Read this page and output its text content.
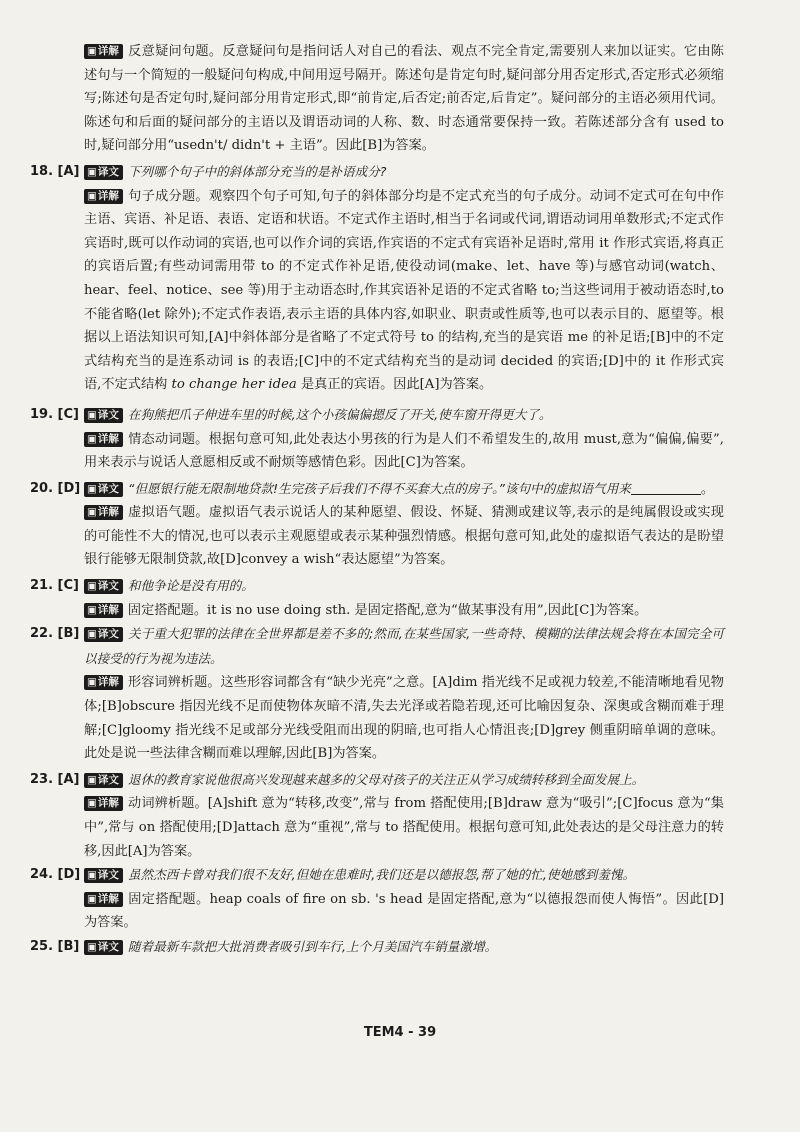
▣详解 反意疑问句题。反意疑问句是指问话人对自己的看法、观点不完全肯定,需要别人来加以证实。它由陈述句与一个简短的一般疑问句构成,中间用逗号隔开。陈述句是肯定句时,疑问部分用否定形式,否定形式必须缩写;陈述句是否定句时,疑问部分用肯定形式,即“前肯定,后否定;前否定,后肯定”。疑问部分的主语必须用代词。陈述句和后面的疑问部分的主语以及谓语动词的人称、数、时态通常要保持一致。若陈述部分含有 used to 时,疑问部分用“usedn't/ didn't + 主语”。因此[B]为答案。
18. [A] ▣译文 下列哪个句子中的斜体部分充当的是补语成分?
▣详解 句子成分题。观察四个句子可知,句子的斜体部分均是不定式充当的句子成分。动词不定式可在句中作主语、宾语、补足语、表语、定语和状语。不定式作主语时,相当于名词或代词,谓语动词用单数形式;不定式作宾语时,既可以作动词的宾语,也可以作介词的宾语,作宾语的不定式有宾语补足语时,常用 it 作形式宾语,将真正的宾语后置;有些动词需用带 to 的不定式作补足语,使役动词(make、let、have 等)与感官动词(watch、hear、feel、notice、see 等)用于主动语态时,作其宾语补足语的不定式省略 to;当这些词用于被动语态时,to 不能省略(let 除外);不定式作表语,表示主语的具体内容,如职业、职责或性质等,也可以表示目的、愿望等。根据以上语法知识可知,[A]中斜体部分是省略了不定式符号 to 的结构,充当的是宾语 me 的补足语;[B]中的不定式结构充当的是连系动词 is 的表语;[C]中的不定式结构充当的是动词 decided 的宾语;[D]中的 it 作形式宾语,不定式结构 to change her idea 是真正的宾语。因此[A]为答案。
19. [C] ▣译文 在狗熊把爪子伸进车里的时候,这个小孩偏偏摁反了开关,使车窗开得更大了。
▣详解 情态动词题。根据句意可知,此处表达小男孩的行为是人们不希望发生的,故用 must,意为“偏偏,偏要”,用来表示与说话人意愿相反或不耐烦等感情色彩。因此[C]为答案。
20. [D] ▣译文 “但愿银行能无限制地贷款!生完孩子后我们不得不买套大点的房子。”该句中的虚拟语气用来	。
▣详解 虚拟语气题。虚拟语气表示说话人的某种愿望、假设、怀疑、猜测或建议等,表示的是纯属假设或实现的可能性不大的情况,也可以表示主观愿望或表示某种强烈情感。根据句意可知,此处的虚拟语气表达的是盼望银行能够无限制贷款,故[D]convey a wish“表达愿望”为答案。
21. [C] ▣译文 和他争论是没有用的。
▣详解 固定搭配题。it is no use doing sth. 是固定搭配,意为“做某事没有用”,因此[C]为答案。
22. [B] ▣译文 关于重大犯罪的法律在全世界都是差不多的;然而,在某些国家,一些奇特、模糊的法律法规会将在本国完全可以接受的行为视为违法。
▣详解 形容词辨析题。这些形容词都含有“缺少光亮”之意。[A]dim 指光线不足或视力较差,不能清晰地看见物体;[B]obscure 指因光线不足而使物体灰暗不清,失去光泽或若隐若现,还可比喻因复杂、深奥或含糊而难于理解;[C]gloomy 指光线不足或部分光线受阻而出现的阴暗,也可指人心情沮丧;[D]grey 侧重阴暗单调的意味。此处是说一些法律含糊而难以理解,因此[B]为答案。
23. [A] ▣译文 退休的教育家说他很高兴发现越来越多的父母对孩子的关注正从学习成绩转移到全面发展上。
▣详解 动词辨析题。[A]shift 意为“转移,改变”,常与 from 搭配使用;[B]draw 意为“吸引”;[C]focus 意为“集中”,常与 on 搭配使用;[D]attach 意为“重视”,常与 to 搭配使用。根据句意可知,此处表达的是父母注意力的转移,因此[A]为答案。
24. [D] ▣译文 虽然杰西卡曾对我们很不友好,但她在患难时,我们还是以德报怨,帮了她的忙,使她感到羞愧。
▣详解 固定搭配题。heap coals of fire on sb. 's head 是固定搭配,意为“以德报怨而使人悔悟”。因此[D]为答案。
25. [B] ▣译文 随着最新车款把大批消费者吸引到车行,上个月美国汽车销量激增。
TEM4 - 39
